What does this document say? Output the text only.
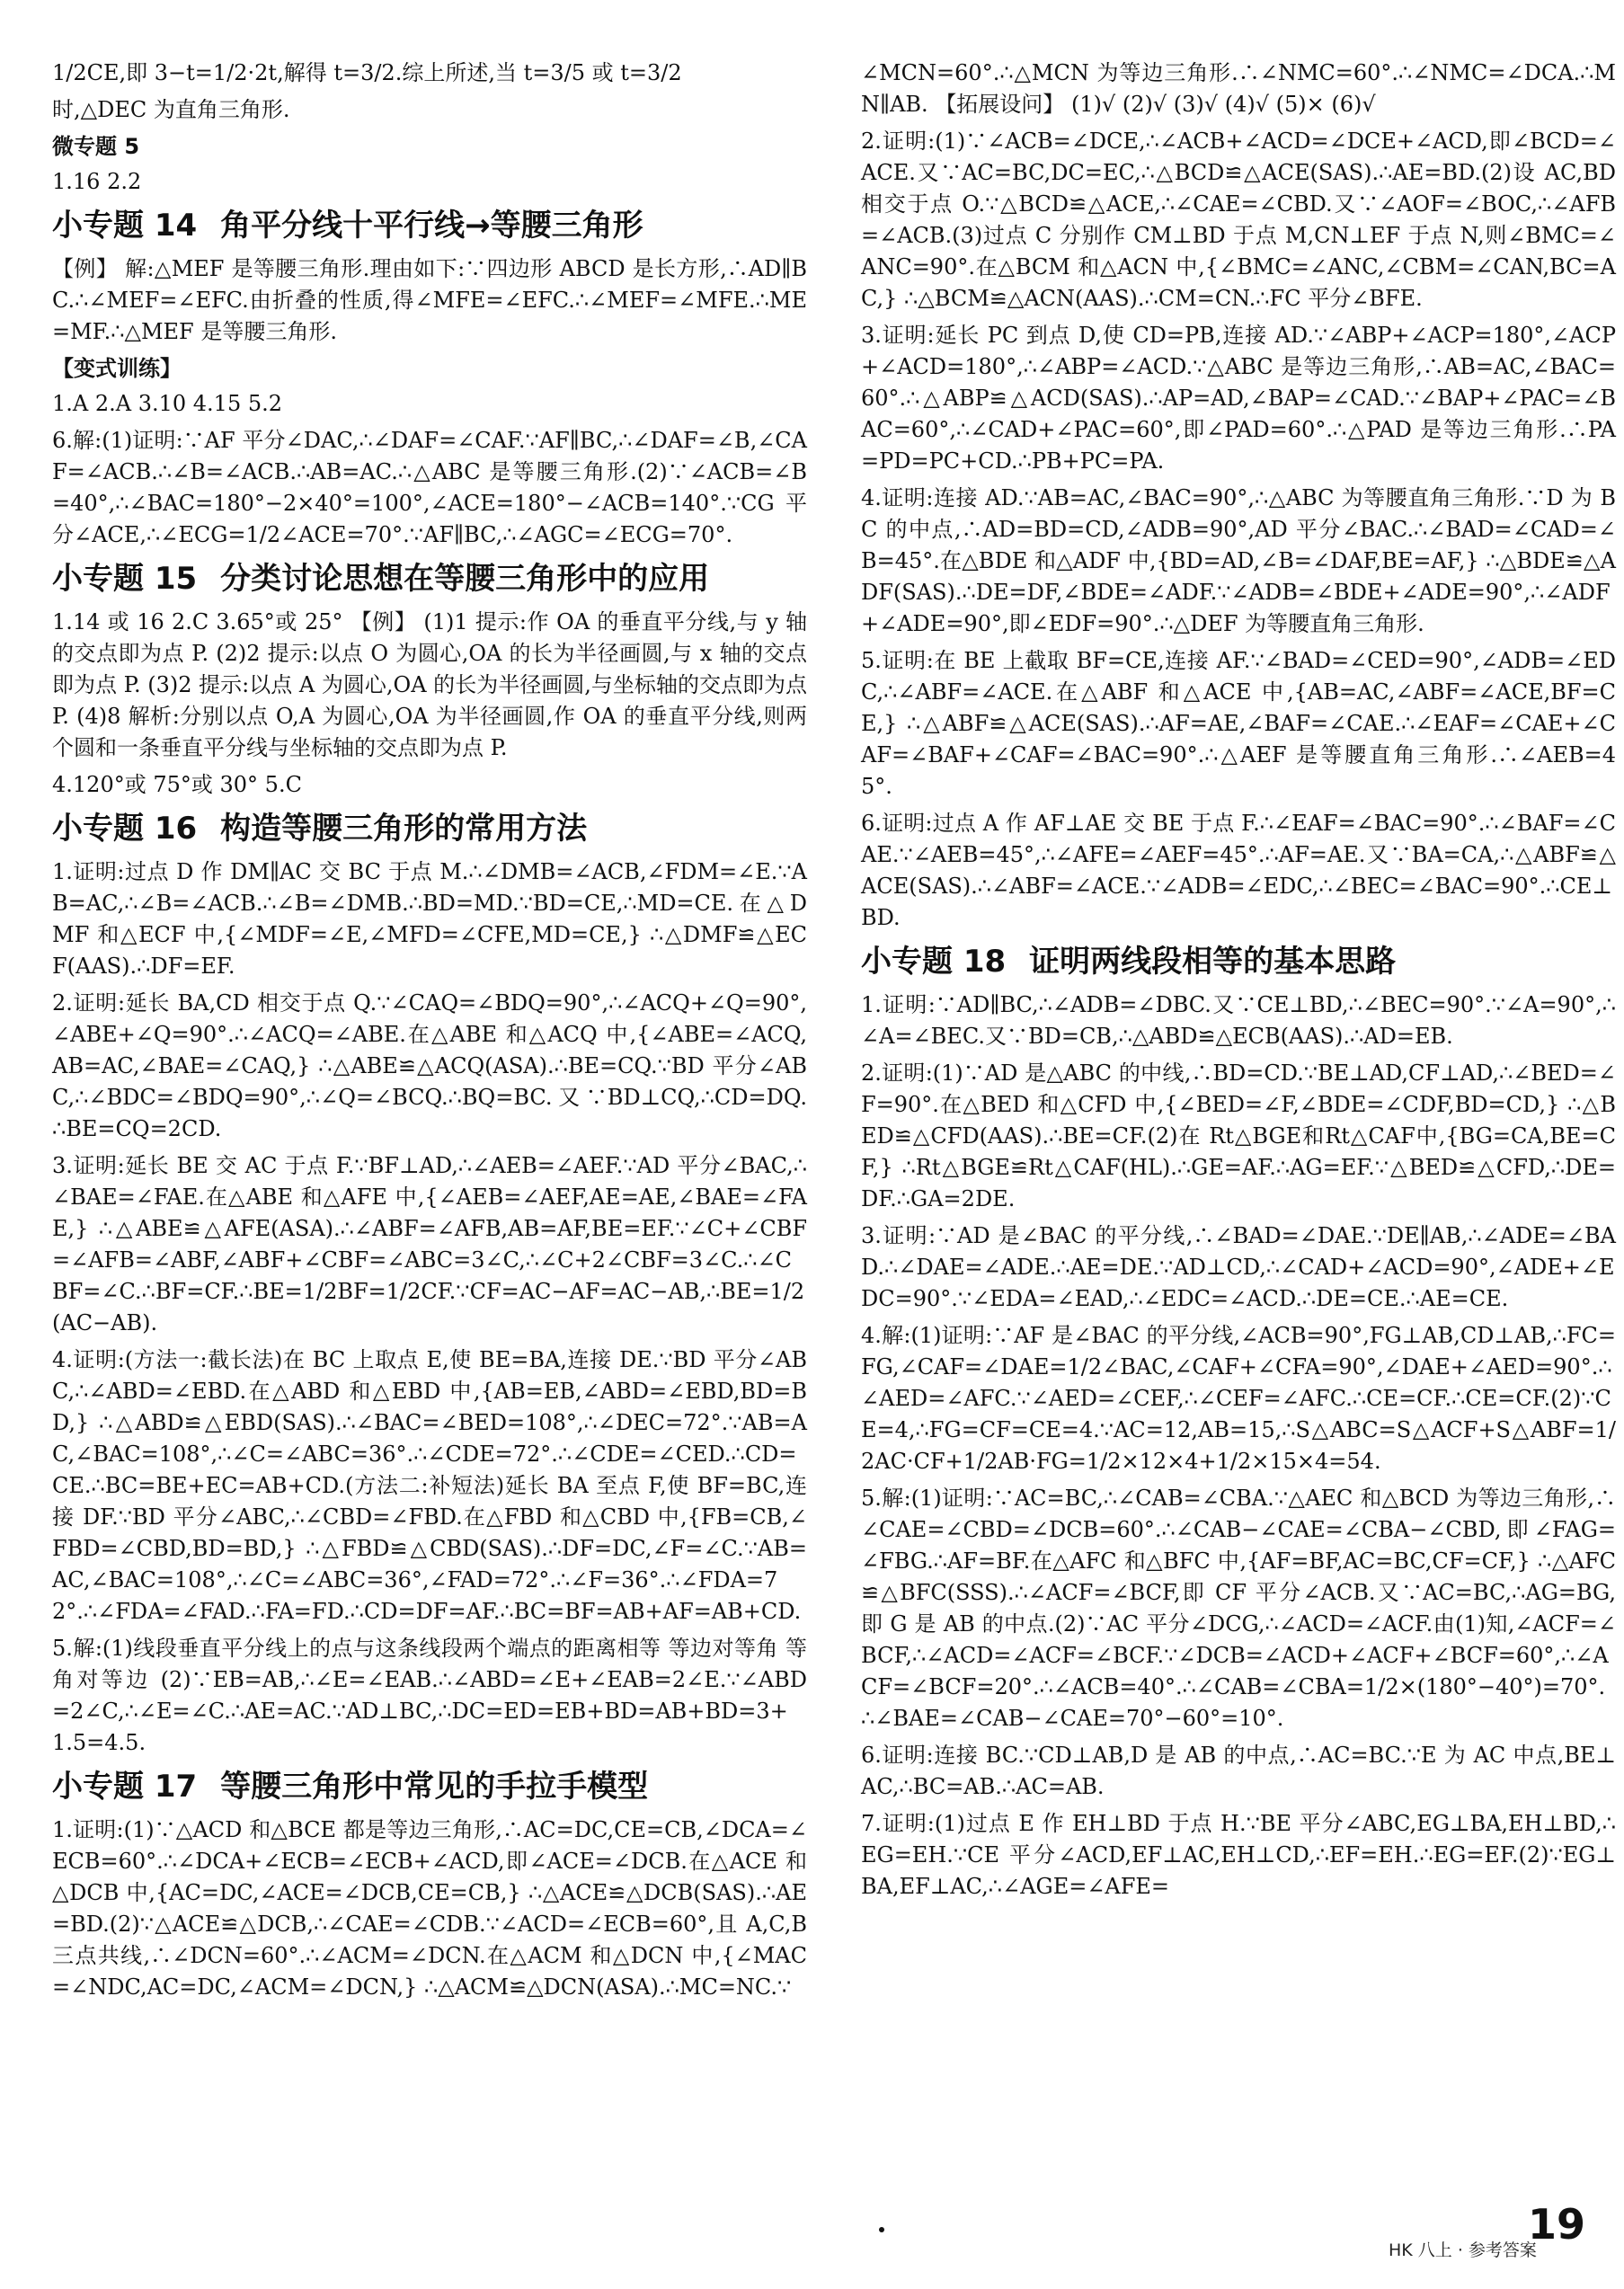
1/2CE,即 3−t=1/2·2t,解得 t=3/2.综上所述,当 t=3/5 或 t=3/2
时,△DEC 为直角三角形.
微专题 5
1.16 2.2
小专题 14 角平分线十平行线→等腰三角形
【例】 解:△MEF 是等腰三角形.理由如下:∵四边形 ABCD 是长方形,∴AD∥BC.∴∠MEF=∠EFC.由折叠的性质,得∠MFE=∠EFC.∴∠MEF=∠MFE.∴ME=MF.∴△MEF 是等腰三角形.
【变式训练】
1.A 2.A 3.10 4.15 5.2
6.解:(1)证明:∵AF 平分∠DAC,∴∠DAF=∠CAF.∵AF∥BC,∴∠DAF=∠B,∠CAF=∠ACB.∴∠B=∠ACB.∴AB=AC.∴△ABC 是等腰三角形.(2)∵∠ACB=∠B=40°,∴∠BAC=180°−2×40°=100°,∠ACE=180°−∠ACB=140°.∵CG 平分∠ACE,∴∠ECG=1/2∠ACE=70°.∵AF∥BC,∴∠AGC=∠ECG=70°.
小专题 15 分类讨论思想在等腰三角形中的应用
1.14 或 16 2.C 3.65°或 25° 【例】 (1)1 提示:作 OA 的垂直平分线,与 y 轴的交点即为点 P. (2)2 提示:以点 O 为圆心,OA 的长为半径画圆,与 x 轴的交点即为点 P. (3)2 提示:以点 A 为圆心,OA 的长为半径画圆,与坐标轴的交点即为点 P. (4)8 解析:分别以点 O,A 为圆心,OA 为半径画圆,作 OA 的垂直平分线,则两个圆和一条垂直平分线与坐标轴的交点即为点 P.
4.120°或 75°或 30° 5.C
小专题 16 构造等腰三角形的常用方法
1.证明:过点 D 作 DM∥AC 交 BC 于点 M.∴∠DMB=∠ACB,∠FDM=∠E.∵AB=AC,∴∠B=∠ACB.∴∠B=∠DMB.∴BD=MD.∵BD=CE,∴MD=CE.在△DMF 和△ECF 中,{∠MDF=∠E,∠MFD=∠CFE,MD=CE,} ∴△DMF≌△ECF(AAS).∴DF=EF.
2.证明:延长 BA,CD 相交于点 Q.∵∠CAQ=∠BDQ=90°,∴∠ACQ+∠Q=90°,∠ABE+∠Q=90°.∴∠ACQ=∠ABE.在△ABE 和△ACQ 中,{∠ABE=∠ACQ,AB=AC,∠BAE=∠CAQ,} ∴△ABE≌△ACQ(ASA).∴BE=CQ.∵BD 平分∠ABC,∴∠BDC=∠BDQ=90°,∴∠Q=∠BCQ.∴BQ=BC.又∵BD⊥CQ,∴CD=DQ.∴BE=CQ=2CD.
3.证明:延长 BE 交 AC 于点 F.∵BF⊥AD,∴∠AEB=∠AEF.∵AD 平分∠BAC,∴∠BAE=∠FAE.在△ABE 和△AFE 中,{∠AEB=∠AEF,AE=AE,∠BAE=∠FAE,} ∴△ABE≌△AFE(ASA).∴∠ABF=∠AFB,AB=AF,BE=EF.∵∠C+∠CBF=∠AFB=∠ABF,∠ABF+∠CBF=∠ABC=3∠C,∴∠C+2∠CBF=3∠C.∴∠CBF=∠C.∴BF=CF.∴BE=1/2BF=1/2CF.∵CF=AC−AF=AC−AB,∴BE=1/2(AC−AB).
4.证明:(方法一:截长法)在 BC 上取点 E,使 BE=BA,连接 DE.∵BD 平分∠ABC,∴∠ABD=∠EBD.在△ABD 和△EBD 中,{AB=EB,∠ABD=∠EBD,BD=BD,} ∴△ABD≌△EBD(SAS).∴∠BAC=∠BED=108°,∴∠DEC=72°.∵AB=AC,∠BAC=108°,∴∠C=∠ABC=36°.∴∠CDE=72°.∴∠CDE=∠CED.∴CD=CE.∴BC=BE+EC=AB+CD.(方法二:补短法)延长 BA 至点 F,使 BF=BC,连接 DF.∵BD 平分∠ABC,∴∠CBD=∠FBD.在△FBD 和△CBD 中,{FB=CB,∠FBD=∠CBD,BD=BD,} ∴△FBD≌△CBD(SAS).∴DF=DC,∠F=∠C.∵AB=AC,∠BAC=108°,∴∠C=∠ABC=36°,∠FAD=72°.∴∠F=36°.∴∠FDA=72°.∴∠FDA=∠FAD.∴FA=FD.∴CD=DF=AF.∴BC=BF=AB+AF=AB+CD.
5.解:(1)线段垂直平分线上的点与这条线段两个端点的距离相等 等边对等角 等角对等边 (2)∵EB=AB,∴∠E=∠EAB.∴∠ABD=∠E+∠EAB=2∠E.∵∠ABD=2∠C,∴∠E=∠C.∴AE=AC.∵AD⊥BC,∴DC=ED=EB+BD=AB+BD=3+1.5=4.5.
小专题 17 等腰三角形中常见的手拉手模型
1.证明:(1)∵△ACD 和△BCE 都是等边三角形,∴AC=DC,CE=CB,∠DCA=∠ECB=60°.∴∠DCA+∠ECB=∠ECB+∠ACD,即∠ACE=∠DCB.在△ACE 和△DCB 中,{AC=DC,∠ACE=∠DCB,CE=CB,} ∴△ACE≌△DCB(SAS).∴AE=BD.(2)∵△ACE≌△DCB,∴∠CAE=∠CDB.∵∠ACD=∠ECB=60°,且 A,C,B 三点共线,∴∠DCN=60°.∴∠ACM=∠DCN.在△ACM 和△DCN 中,{∠MAC=∠NDC,AC=DC,∠ACM=∠DCN,} ∴△ACM≌△DCN(ASA).∴MC=NC.∵
∠MCN=60°.∴△MCN 为等边三角形.∴∠NMC=60°.∴∠NMC=∠DCA.∴MN∥AB. 【拓展设问】 (1)√ (2)√ (3)√ (4)√ (5)× (6)√
2.证明:(1)∵∠ACB=∠DCE,∴∠ACB+∠ACD=∠DCE+∠ACD,即∠BCD=∠ACE.又∵AC=BC,DC=EC,∴△BCD≌△ACE(SAS).∴AE=BD.(2)设 AC,BD 相交于点 O.∵△BCD≌△ACE,∴∠CAE=∠CBD.又∵∠AOF=∠BOC,∴∠AFB=∠ACB.(3)过点 C 分别作 CM⊥BD 于点 M,CN⊥EF 于点 N,则∠BMC=∠ANC=90°.在△BCM 和△ACN 中,{∠BMC=∠ANC,∠CBM=∠CAN,BC=AC,} ∴△BCM≌△ACN(AAS).∴CM=CN.∴FC 平分∠BFE.
3.证明:延长 PC 到点 D,使 CD=PB,连接 AD.∵∠ABP+∠ACP=180°,∠ACP+∠ACD=180°,∴∠ABP=∠ACD.∵△ABC 是等边三角形,∴AB=AC,∠BAC=60°.∴△ABP≌△ACD(SAS).∴AP=AD,∠BAP=∠CAD.∵∠BAP+∠PAC=∠BAC=60°,∴∠CAD+∠PAC=60°,即∠PAD=60°.∴△PAD 是等边三角形.∴PA=PD=PC+CD.∴PB+PC=PA.
4.证明:连接 AD.∵AB=AC,∠BAC=90°,∴△ABC 为等腰直角三角形.∵D 为 BC 的中点,∴AD=BD=CD,∠ADB=90°,AD 平分∠BAC.∴∠BAD=∠CAD=∠B=45°.在△BDE 和△ADF 中,{BD=AD,∠B=∠DAF,BE=AF,} ∴△BDE≌△ADF(SAS).∴DE=DF,∠BDE=∠ADF.∵∠ADB=∠BDE+∠ADE=90°,∴∠ADF+∠ADE=90°,即∠EDF=90°.∴△DEF 为等腰直角三角形.
5.证明:在 BE 上截取 BF=CE,连接 AF.∵∠BAD=∠CED=90°,∠ADB=∠EDC,∴∠ABF=∠ACE.在△ABF 和△ACE 中,{AB=AC,∠ABF=∠ACE,BF=CE,} ∴△ABF≌△ACE(SAS).∴AF=AE,∠BAF=∠CAE.∴∠EAF=∠CAE+∠CAF=∠BAF+∠CAF=∠BAC=90°.∴△AEF 是等腰直角三角形.∴∠AEB=45°.
6.证明:过点 A 作 AF⊥AE 交 BE 于点 F.∴∠EAF=∠BAC=90°.∴∠BAF=∠CAE.∵∠AEB=45°,∴∠AFE=∠AEF=45°.∴AF=AE.又∵BA=CA,∴△ABF≌△ACE(SAS).∴∠ABF=∠ACE.∵∠ADB=∠EDC,∴∠BEC=∠BAC=90°.∴CE⊥BD.
小专题 18 证明两线段相等的基本思路
1.证明:∵AD∥BC,∴∠ADB=∠DBC.又∵CE⊥BD,∴∠BEC=90°.∵∠A=90°,∴∠A=∠BEC.又∵BD=CB,∴△ABD≌△ECB(AAS).∴AD=EB.
2.证明:(1)∵AD 是△ABC 的中线,∴BD=CD.∵BE⊥AD,CF⊥AD,∴∠BED=∠F=90°.在△BED 和△CFD 中,{∠BED=∠F,∠BDE=∠CDF,BD=CD,} ∴△BED≌△CFD(AAS).∴BE=CF.(2)在 Rt△BGE和Rt△CAF中,{BG=CA,BE=CF,} ∴Rt△BGE≌Rt△CAF(HL).∴GE=AF.∴AG=EF.∵△BED≌△CFD,∴DE=DF.∴GA=2DE.
3.证明:∵AD 是∠BAC 的平分线,∴∠BAD=∠DAE.∵DE∥AB,∴∠ADE=∠BAD.∴∠DAE=∠ADE.∴AE=DE.∵AD⊥CD,∴∠CAD+∠ACD=90°,∠ADE+∠EDC=90°.∵∠EDA=∠EAD,∴∠EDC=∠ACD.∴DE=CE.∴AE=CE.
4.解:(1)证明:∵AF 是∠BAC 的平分线,∠ACB=90°,FG⊥AB,CD⊥AB,∴FC=FG,∠CAF=∠DAE=1/2∠BAC,∠CAF+∠CFA=90°,∠DAE+∠AED=90°.∴∠AED=∠AFC.∵∠AED=∠CEF,∴∠CEF=∠AFC.∴CE=CF.∴CE=CF.(2)∵CE=4,∴FG=CF=CE=4.∵AC=12,AB=15,∴S△ABC=S△ACF+S△ABF=1/2AC·CF+1/2AB·FG=1/2×12×4+1/2×15×4=54.
5.解:(1)证明:∵AC=BC,∴∠CAB=∠CBA.∵△AEC 和△BCD 为等边三角形,∴∠CAE=∠CBD=∠DCB=60°.∴∠CAB−∠CAE=∠CBA−∠CBD,即∠FAG=∠FBG.∴AF=BF.在△AFC 和△BFC 中,{AF=BF,AC=BC,CF=CF,} ∴△AFC≌△BFC(SSS).∴∠ACF=∠BCF,即 CF 平分∠ACB.又∵AC=BC,∴AG=BG,即 G 是 AB 的中点.(2)∵AC 平分∠DCG,∴∠ACD=∠ACF.由(1)知,∠ACF=∠BCF,∴∠ACD=∠ACF=∠BCF.∵∠DCB=∠ACD+∠ACF+∠BCF=60°,∴∠ACF=∠BCF=20°.∴∠ACB=40°.∴∠CAB=∠CBA=1/2×(180°−40°)=70°.∴∠BAE=∠CAB−∠CAE=70°−60°=10°.
6.证明:连接 BC.∵CD⊥AB,D 是 AB 的中点,∴AC=BC.∵E 为 AC 中点,BE⊥AC,∴BC=AB.∴AC=AB.
7.证明:(1)过点 E 作 EH⊥BD 于点 H.∵BE 平分∠ABC,EG⊥BA,EH⊥BD,∴EG=EH.∵CE 平分∠ACD,EF⊥AC,EH⊥CD,∴EF=EH.∴EG=EF.(2)∵EG⊥BA,EF⊥AC,∴∠AGE=∠AFE=
HK 八上 · 参考答案
19
